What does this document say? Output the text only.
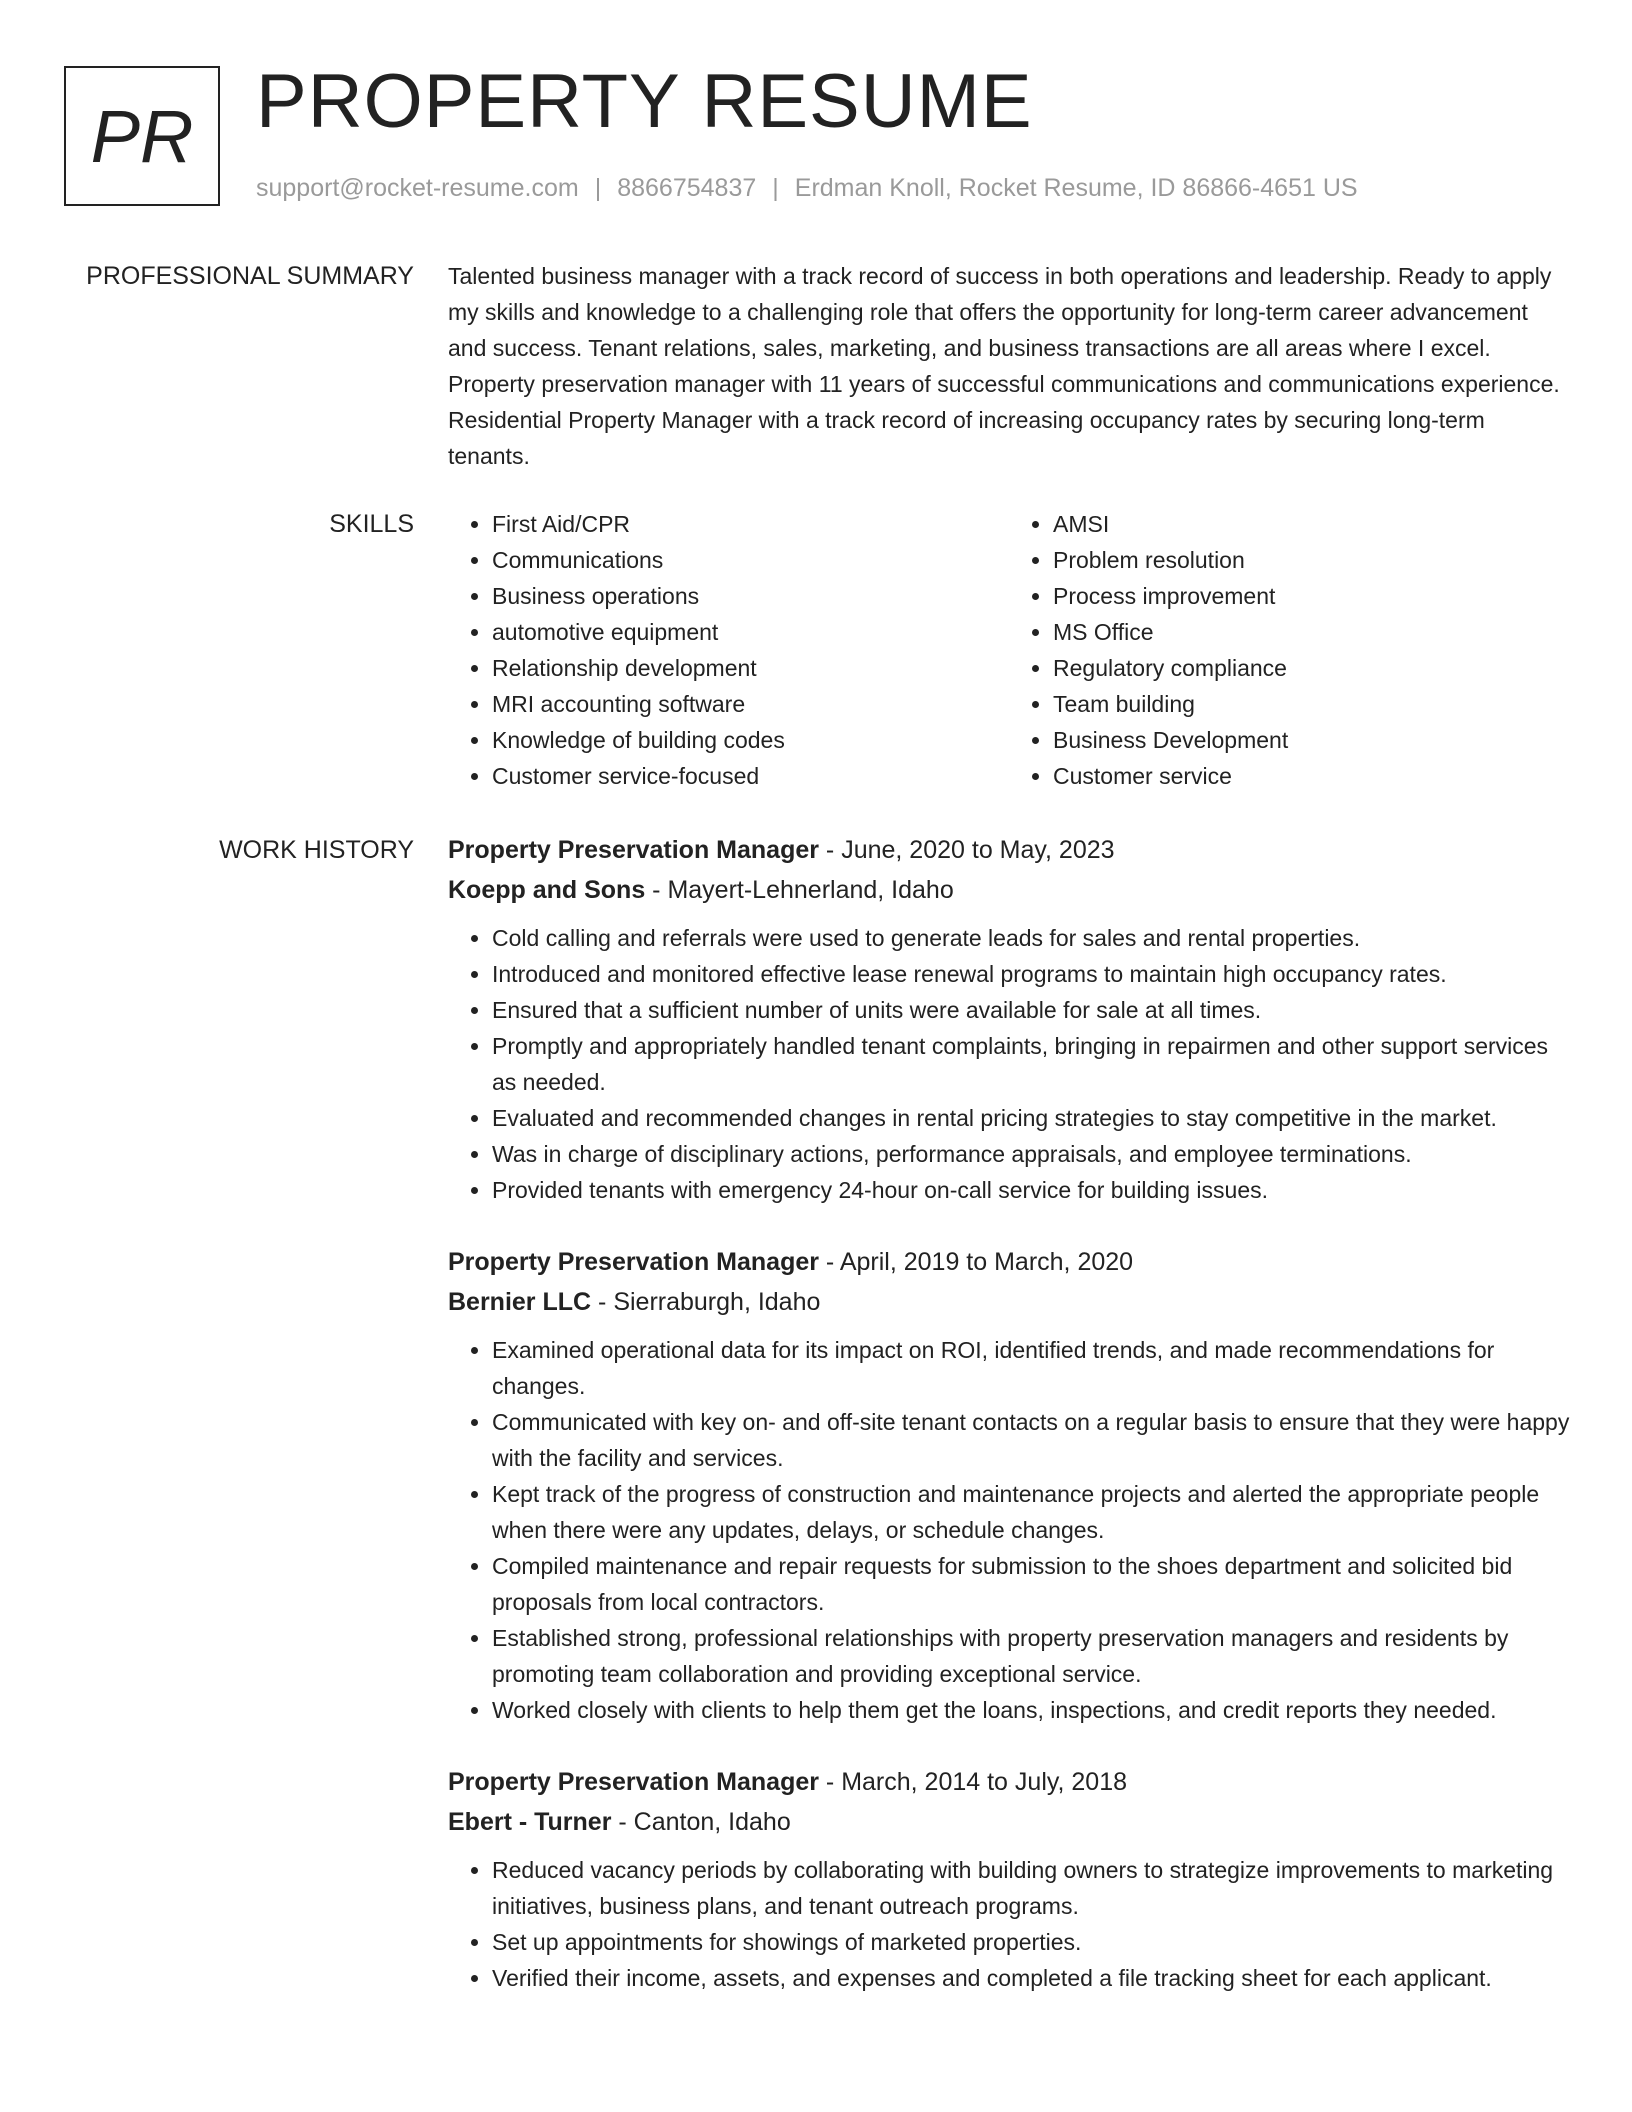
PR PROPERTY RESUME
support@rocket-resume.com | 8866754837 | Erdman Knoll, Rocket Resume, ID 86866-4651 US
PROFESSIONAL SUMMARY Talented business manager with a track record of success in both operations and leadership. Ready to apply my skills and knowledge to a challenging role that offers the opportunity for long-term career advancement and success. Tenant relations, sales, marketing, and business transactions are all areas where I excel. Property preservation manager with 11 years of successful communications and communications experience. Residential Property Manager with a track record of increasing occupancy rates by securing long-term tenants.

SKILLS
•	First Aid/CPR
• Communications
• Business operations
• automotive equipment
• Relationship development
• MRI accounting software
• Knowledge of building codes
• Customer service-focused
• AMSI
• Problem resolution
• Process improvement
• MS Office
• Regulatory compliance
• Team building
• Business Development
• Customer service
WORK HISTORY Property Preservation Manager - June, 2020 to May, 2023
Koepp and Sons - Mayert-Lehnerland, Idaho
• Cold calling and referrals were used to generate leads for sales and rental properties.
• Introduced and monitored effective lease renewal programs to maintain high occupancy rates.
• Ensured that a sufficient number of units were available for sale at all times.
• Promptly and appropriately handled tenant complaints, bringing in repairmen and other support services as needed.
• Evaluated and recommended changes in rental pricing strategies to stay competitive in the market.
• Was in charge of disciplinary actions, performance appraisals, and employee terminations.
• Provided tenants with emergency 24-hour on-call service for building issues.
Property Preservation Manager - April, 2019 to March, 2020
Bernier LLC - Sierraburgh, Idaho
• Examined operational data for its impact on ROI, identified trends, and made recommendations for changes.
• Communicated with key on- and off-site tenant contacts on a regular basis to ensure that they were happy with the facility and services.
• Kept track of the progress of construction and maintenance projects and alerted the appropriate people when there were any updates, delays, or schedule changes.
• Compiled maintenance and repair requests for submission to the shoes department and solicited bid proposals from local contractors.
• Established strong, professional relationships with property preservation managers and residents by promoting team collaboration and providing exceptional service.
• Worked closely with clients to help them get the loans, inspections, and credit reports they needed.
Property Preservation Manager - March, 2014 to July, 2018
Ebert - Turner - Canton, Idaho
• Reduced vacancy periods by collaborating with building owners to strategize improvements to marketing initiatives, business plans, and tenant outreach programs.
• Set up appointments for showings of marketed properties.
• Verified their income, assets, and expenses and completed a file tracking sheet for each applicant.
